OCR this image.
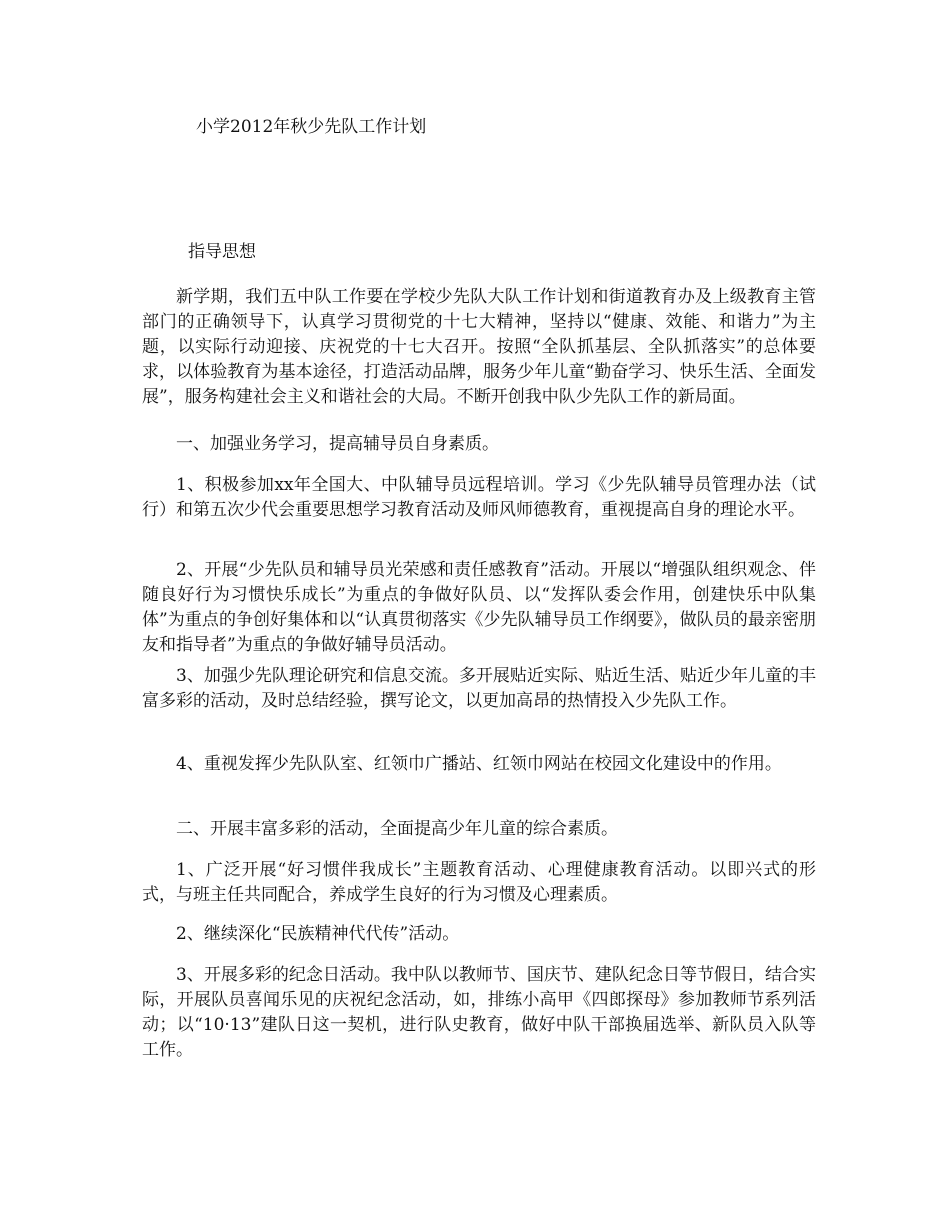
小学2012年秋少先队工作计划
指导思想

新学期，我们五中队工作要在学校少先队大队工作计划和街道教育办及上级教育主管部门的正确领导下，认真学习贯彻党的十七大精神，坚持以“健康、效能、和谐力”为主题，以实际行动迎接、庆祝党的十七大召开。按照“全队抓基层、全队抓落实”的总体要求，以体验教育为基本途径，打造活动品牌，服务少年儿童“勤奋学习、快乐生活、全面发展”，服务构建社会主义和谐社会的大局。不断开创我中队少先队工作的新局面。

一、加强业务学习，提高辅导员自身素质。

1、积极参加xx年全国大、中队辅导员远程培训。学习《少先队辅导员管理办法（试行）和第五次少代会重要思想学习教育活动及师风师德教育，重视提高自身的理论水平。

2、开展“少先队员和辅导员光荣感和责任感教育”活动。开展以“增强队组织观念、伴随良好行为习惯快乐成长”为重点的争做好队员、以“发挥队委会作用，创建快乐中队集体”为重点的争创好集体和以“认真贯彻落实《少先队辅导员工作纲要》，做队员的最亲密朋友和指导者”为重点的争做好辅导员活动。

3、加强少先队理论研究和信息交流。多开展贴近实际、贴近生活、贴近少年儿童的丰富多彩的活动，及时总结经验，撰写论文，以更加高昂的热情投入少先队工作。

4、重视发挥少先队队室、红领巾广播站、红领巾网站在校园文化建设中的作用。

二、开展丰富多彩的活动，全面提高少年儿童的综合素质。

1、广泛开展“好习惯伴我成长”主题教育活动、心理健康教育活动。以即兴式的形式，与班主任共同配合，养成学生良好的行为习惯及心理素质。

2、继续深化“民族精神代代传”活动。

3、开展多彩的纪念日活动。我中队以教师节、国庆节、建队纪念日等节假日，结合实际，开展队员喜闻乐见的庆祝纪念活动，如，排练小高甲《四郎探母》参加教师节系列活动；以“10·13”建队日这一契机，进行队史教育，做好中队干部换届选举、新队员入队等工作。
